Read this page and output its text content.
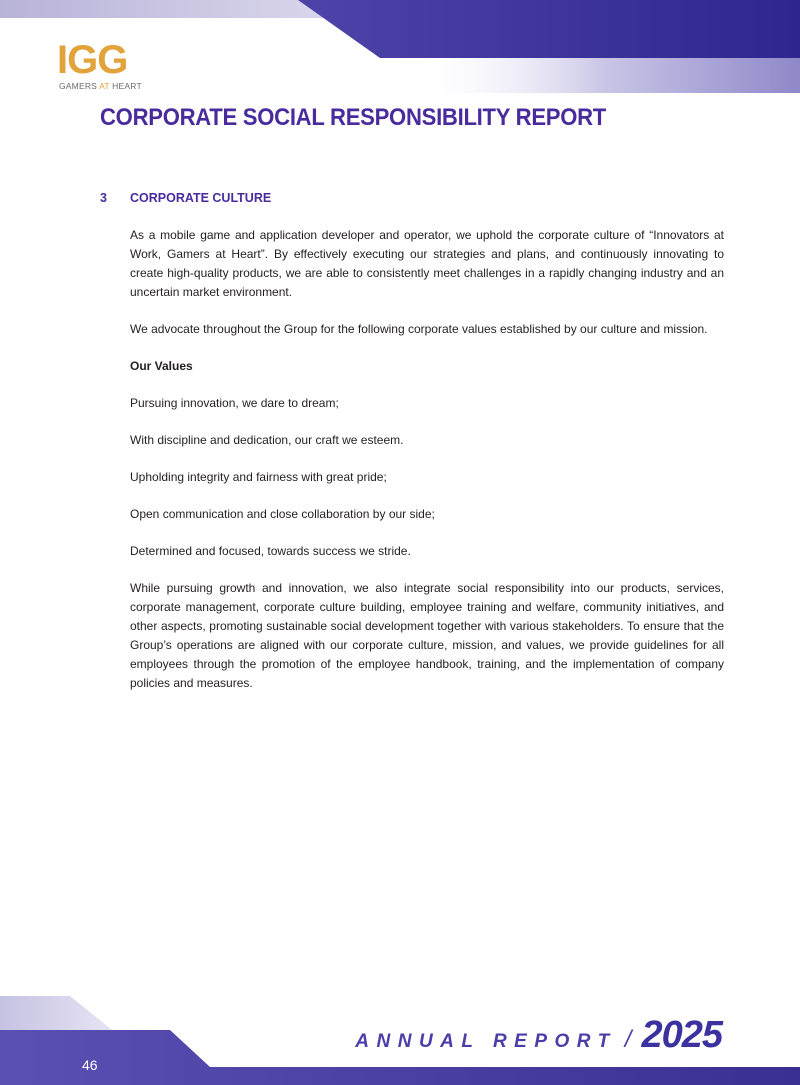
IGG
GAMERS AT HEART
CORPORATE SOCIAL RESPONSIBILITY REPORT
3 CORPORATE CULTURE

As a mobile game and application developer and operator, we uphold the corporate culture of “Innovators at Work, Gamers at Heart”. By effectively executing our strategies and plans, and continuously innovating to create high-quality products, we are able to consistently meet challenges in a rapidly changing industry and an uncertain market environment.

We advocate throughout the Group for the following corporate values established by our culture and mission.

Our Values

Pursuing innovation, we dare to dream;

With discipline and dedication, our craft we esteem.

Upholding integrity and fairness with great pride;

Open communication and close collaboration by our side;

Determined and focused, towards success we stride.

While pursuing growth and innovation, we also integrate social responsibility into our products, services, corporate management, corporate culture building, employee training and welfare, community initiatives, and other aspects, promoting sustainable social development together with various stakeholders. To ensure that the Group’s operations are aligned with our corporate culture, mission, and values, we provide guidelines for all employees through the promotion of the employee handbook, training, and the implementation of company policies and measures.

ANNUAL REPORT / 2025
46
